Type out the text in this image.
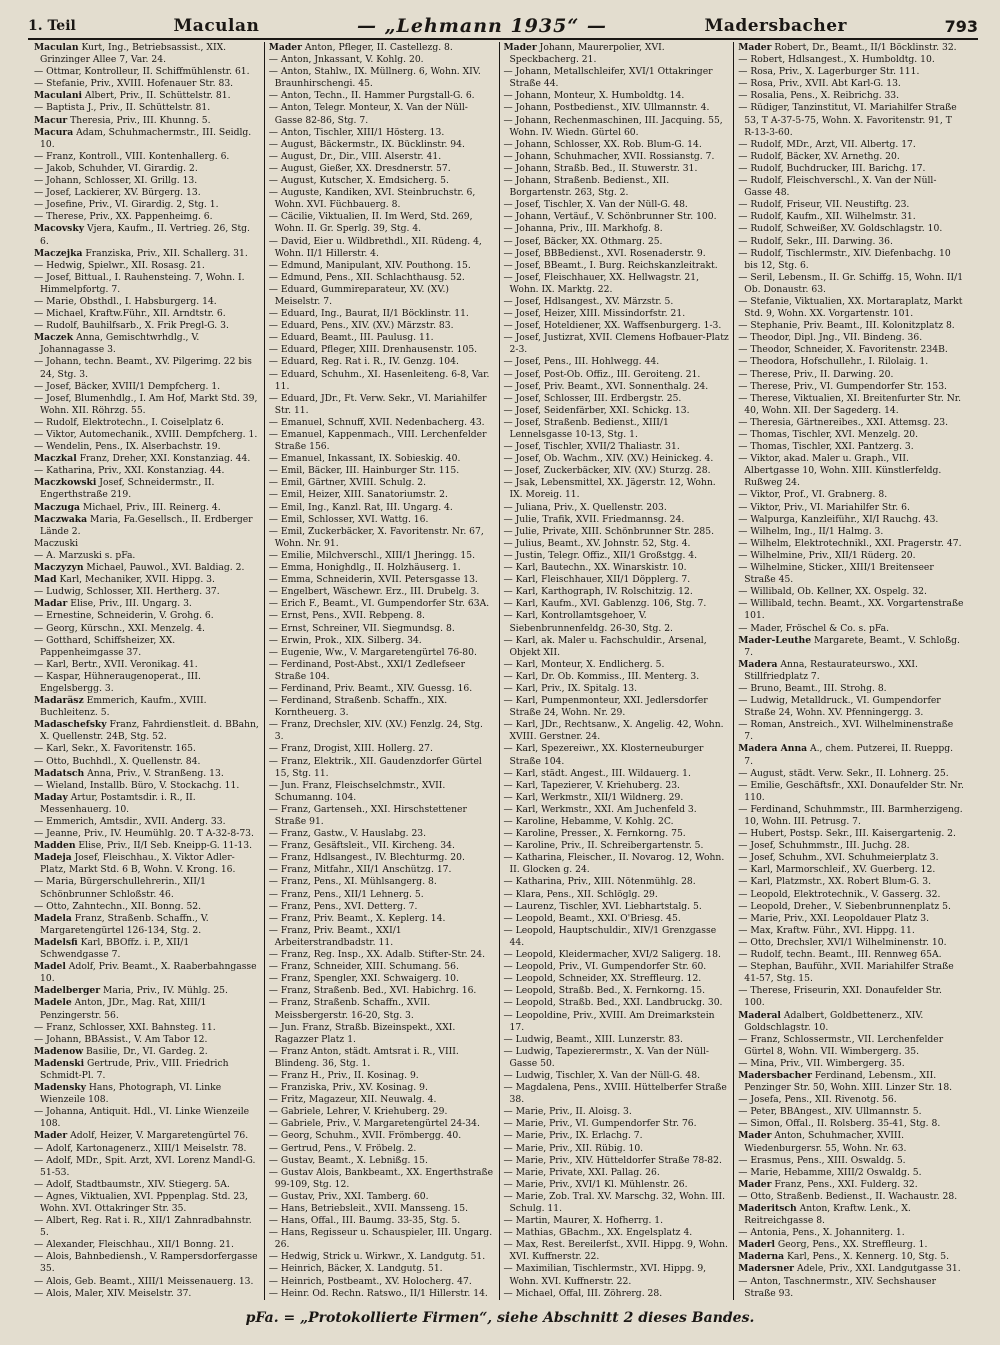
1. Teil	Maculan	— „Lehmann 1935“ —	Madersbacher	793

Maculan Kurt, Ing., Betriebsassist., XIX. Grinzinger Allee 7, Var. 24.

— Ottmar, Kontrolleur, II. Schiffmühlenstr. 61.

— Stefanie, Priv., XVIII. Hofenauer Str. 83.

Maculani Albert, Priv., II. Schüttelstr. 81.

— Baptista J., Priv., II. Schüttelstr. 81.

Macur Theresia, Priv., III. Khunng. 5.

Macura Adam, Schuhmachermstr., III. Seidlg. 10.

— Franz, Kontroll., VIII. Kontenhallerg. 6.

— Jakob, Schuhder, VI. Girardig. 2.

— Johann, Schlosser, XI. Grillg. 13.

— Josef, Lackierer, XV. Bürgerg. 13.

— Josefine, Priv., VI. Girardig. 2, Stg. 1.

— Therese, Priv., XX. Pappenheimg. 6.

Macovsky Vjera, Kaufm., II. Vertrieg. 26, Stg. 6.

Maczejka Franziska, Priv., XII. Schallerg. 31.

— Hedwig, Spielwr., XII. Rosasg. 21.

— Josef, Bittual., I. Rauhensteing. 7, Wohn. I. Himmelpfortg. 7.

— Marie, Obsthdl., I. Habsburgerg. 14.

— Michael, Kraftw.Führ., XII. Arndtstr. 6.

— Rudolf, Bauhilfsarb., X. Frik Pregl-G. 3.

Maczek Anna, Gemischtwrhdlg., V. Johannagasse 3.

— Johann, techn. Beamt., XV. Pilgerimg. 22 bis 24, Stg. 3.

— Josef, Bäcker, XVIII/1 Dempfcherg. 1.

— Josef, Blumenhdlg., I. Am Hof, Markt Std. 39, Wohn. XII. Röhrzg. 55.

— Rudolf, Elektrotechn., I. Coiselplatz 6.

— Viktor, Automechanik., XVIII. Dempfcherg. 1.

— Wendelin, Pens., IX. Alserbachstr. 19.

Maczkal Franz, Dreher, XXI. Konstanziag. 44.

— Katharina, Priv., XXI. Konstanziag. 44.

Maczkowski Josef, Schneidermstr., II. Engerthstraße 219.

Maczuga Michael, Priv., III. Reinerg. 4.

Maczwaka Maria, Fa.Gesellsch., II. Erdberger Lände 2.

Maczuski

— A. Marzuski s. pFa.

Maczyzyn Michael, Pauwol., XVI. Baldiag. 2.

Mad Karl, Mechaniker, XVII. Hippg. 3.

— Ludwig, Schlosser, XII. Hertherg. 37.

Madar Elise, Priv., III. Ungarg. 3.

— Ernestine, Schneiderin, V. Grohg. 6.

— Georg, Kürschn., XXI. Menzelg. 4.

— Gotthard, Schiffsheizer, XX. Pappenheimgasse 37.

— Karl, Bertr., XVII. Veronikag. 41.

— Kaspar, Hühneraugenoperat., III. Engelsbergg. 3.

Madaräsz Emmerich, Kaufm., XVIII. Buchleitenz. 5.

Madaschefsky Franz, Fahrdienstleit. d. BBahn, X. Quellenstr. 24B, Stg. 52.

— Karl, Sekr., X. Favoritenstr. 165.

— Otto, Buchhdl., X. Quellenstr. 84.

Madatsch Anna, Priv., V. Stranßeng. 13.

— Wieland, Installb. Büro, V. Stockachg. 11.

Maday Artur, Postamtsdir. i. R., II. Messenhauerg. 10.

— Emmerich, Amtsdir., XVII. Anderg. 33.

— Jeanne, Priv., IV. Heumühlg. 20. T A-32-8-73.

Madden Elise, Priv., II/I Seb. Kneipp-G. 11-13.

Madeja Josef, Fleischhau., X. Viktor Adler-Platz, Markt Std. 6 B, Wohn. V. Krong. 16.

— Maria, Bürgerschullehrerin., XII/1 Schönbrunner Schloßstr. 46.

— Otto, Zahntechn., XII. Bonng. 52.

Madela Franz, Straßenb. Schaffn., V. Margaretengürtel 126-134, Stg. 2.

Madelsfi Karl, BBOffz. i. P., XII/1 Schwendgasse 7.

Madel Adolf, Priv. Beamt., X. Raaberbahngasse 10.

Madelberger Maria, Priv., IV. Mühlg. 25.

Madele Anton, JDr., Mag. Rat, XIII/1 Penzingerstr. 56.

— Franz, Schlosser, XXI. Bahnsteg. 11.

— Johann, BBAssist., V. Am Tabor 12.

Madenow Basilie, Dr., VI. Gardeg. 2.

Madenski Gertrude, Priv., VIII. Friedrich Schmidt-Pl. 7.

Madensky Hans, Photograph, VI. Linke Wienzeile 108.

— Johanna, Antiquit. Hdl., VI. Linke Wienzeile 108.

Mader Adolf, Heizer, V. Margaretengürtel 76.

— Adolf, Kartonagenerz., XIII/1 Meiselstr. 78.

— Adolf, MDr., Spit. Arzt, XVI. Lorenz Mandl-G. 51-53.

— Adolf, Stadtbaumstr., XIV. Stiegerg. 5A.

— Agnes, Viktualien, XVI. Pppenplag. Std. 23, Wohn. XVI. Ottakringer Str. 35.

— Albert, Reg. Rat i. R., XII/1 Zahnradbahnstr. 5.

— Alexander, Fleischhau., XII/1 Bonng. 21.

— Alois, Bahnbediensh., V. Rampersdorfergasse 35.

— Alois, Geb. Beamt., XIII/1 Meissenauerg. 13.

— Alois, Maler, XIV. Meiselstr. 37.

Mader Anton, Pfleger, II. Castellezg. 8.

— Anton, Jnkassant, V. Kohlg. 20.

— Anton, Stahlw., IX. Müllnerg. 6, Wohn. XIV. Braunhirschengi. 45.

— Anton, Techn., II. Hammer Purgstall-G. 6.

— Anton, Telegr. Monteur, X. Van der Nüll-Gasse 82-86, Stg. 7.

— Anton, Tischler, XIII/1 Hösterg. 13.

— August, Bäckermstr., IX. Bücklinstr. 94.

— August, Dr., Dir., VIII. Alserstr. 41.

— August, Gießer, XX. Dresdnerstr. 57.

— August, Kutscher, X. Emdsicherg. 5.

— Auguste, Kandiken, XVI. Steinbruchstr. 6, Wohn. XVI. Füchbauerg. 8.

— Cäcilie, Viktualien, II. Im Werd, Std. 269, Wohn. II. Gr. Sperlg. 39, Stg. 4.

— David, Eier u. Wildbrethdl., XII. Rüdeng. 4, Wohn. II/1 Hillerstr. 4.

— Edmund, Manipulant, XIV. Pouthong. 15.

— Edmund, Pens., XII. Schlachthausg. 52.

— Eduard, Gummireparateur, XV. (XV.) Meiselstr. 7.

— Eduard, Ing., Baurat, II/1 Böcklinstr. 11.

— Eduard, Pens., XIV. (XV.) Märzstr. 83.

— Eduard, Beamt., III. Paulusg. 11.

— Eduard, Pfleger, XIII. Drenhausenstr. 105.

— Eduard, Reg. Rat i. R., IV. Genzg. 104.

— Eduard, Schuhm., XI. Hasenleiteng. 6-8, Var. 11.

— Eduard, JDr., Ft. Verw. Sekr., VI. Mariahilfer Str. 11.

— Emanuel, Schnuff, XVII. Nedenbacherg. 43.

— Emanuel, Kappenmach., VIII. Lerchenfelder Straße 156.

— Emanuel, Inkassant, IX. Sobieskig. 40.

— Emil, Bäcker, III. Hainburger Str. 115.

— Emil, Gärtner, XVIII. Schulg. 2.

— Emil, Heizer, XIII. Sanatoriumstr. 2.

— Emil, Ing., Kanzl. Rat, III. Ungarg. 4.

— Emil, Schlosser, XVI. Wattg. 16.

— Emil, Zuckerbäcker, X. Favoritenstr. Nr. 67, Wohn. Nr. 91.

— Emilie, Milchverschl., XIII/1 Jheringg. 15.

— Emma, Honighdlg., II. Holzhäuserg. 1.

— Emma, Schneiderin, XVII. Petersgasse 13.

— Engelbert, Wäschewr. Erz., III. Drubelg. 3.

— Erich F., Beamt., VI. Gumpendorfer Str. 63A.

— Ernst, Pens., XVII. Rebpeng. 8.

— Ernst, Schreiner, VII. Siegmundsg. 8.

— Erwin, Prok., XIX. Silberg. 34.

— Eugenie, Ww., V. Margaretengürtel 76-80.

— Ferdinand, Post-Abst., XXI/1 Zedlefseer Straße 104.

— Ferdinand, Priv. Beamt., XIV. Guessg. 16.

— Ferdinand, Straßenb. Schaffn., XIX. Korntheuerg. 3.

— Franz, Drechsler, XIV. (XV.) Fenzlg. 24, Stg. 3.

— Franz, Drogist, XIII. Hollerg. 27.

— Franz, Elektrik., XII. Gaudenzdorfer Gürtel 15, Stg. 11.

— Jun. Franz, Fleischselchmstr., XVII. Schumanng. 104.

— Franz, Gartenseh., XXI. Hirschstettener Straße 91.

— Franz, Gastw., V. Hauslabg. 23.

— Franz, Gesäftsleit., VII. Kircheng. 34.

— Franz, Hdlsangest., IV. Blechturmg. 20.

— Franz, Mitfahr., XII/1 Anschützg. 17.

— Franz, Pens., XI. Mühlsangerg. 8.

— Franz, Pens., XII/1 Lehnerg. 5.

— Franz, Pens., XVI. Detterg. 7.

— Franz, Priv. Beamt., X. Keplerg. 14.

— Franz, Priv. Beamt., XXI/1 Arbeiterstrandbadstr. 11.

— Franz, Reg. Insp., XX. Adalb. Stifter-Str. 24.

— Franz, Schneider, XIII. Schumang. 56.

— Franz, Spengler, XXI. Schwaigerg. 10.

— Franz, Straßenb. Bed., XVI. Habichrg. 16.

— Franz, Straßenb. Schaffn., XVII. Meissbergerstr. 16-20, Stg. 3.

— Jun. Franz, Straßb. Bizeinspekt., XXI. Ragazzer Platz 1.

— Franz Anton, städt. Amtsrat i. R., VIII. Blindeng. 36, Stg. 1.

— Franz H., Priv., II. Kosinag. 9.

— Franziska, Priv., XV. Kosinag. 9.

— Fritz, Magazeur, XII. Neuwalg. 4.

— Gabriele, Lehrer, V. Kriehuberg. 29.

— Gabriele, Priv., V. Margaretengürtel 24-34.

— Georg, Schuhm., XVII. Frömbergg. 40.

— Gertrud, Pens., V. Fröbelg. 2.

— Gustav, Beamt., X. Lebnißg. 15.

— Gustav Alois, Bankbeamt., XX. Engerthstraße 99-109, Stg. 12.

— Gustav, Priv., XXI. Tamberg. 60.

— Hans, Betriebsleit., XVII. Mansseng. 15.

— Hans, Offal., III. Baumg. 33-35, Stg. 5.

— Hans, Regisseur u. Schauspieler, III. Ungarg. 26.

— Hedwig, Strick u. Wirkwr., X. Landgutg. 51.

— Heinrich, Bäcker, X. Landgutg. 51.

— Heinrich, Postbeamt., XV. Holocherg. 47.

— Heinr. Od. Rechn. Ratswo., II/1 Hillerstr. 14.

Mader Johann, Maurerpolier, XVI. Speckbacherg. 21.

— Johann, Metallschleifer, XVI/1 Ottakringer Straße 44.

— Johann, Monteur, X. Humboldtg. 14.

— Johann, Postbedienst., XIV. Ullmannstr. 4.

— Johann, Rechenmaschinen, III. Jacquing. 55, Wohn. IV. Wiedn. Gürtel 60.

— Johann, Schlosser, XX. Rob. Blum-G. 14.

— Johann, Schuhmacher, XVII. Rossianstg. 7.

— Johann, Straßb. Bed., II. Stuwerstr. 31.

— Johann, Straßenb. Bedienst., XII. Borgartenstr. 263, Stg. 2.

— Josef, Tischler, X. Van der Nüll-G. 48.

— Johann, Vertäuf., V. Schönbrunner Str. 100.

— Johanna, Priv., III. Markhofg. 8.

— Josef, Bäcker, XX. Othmarg. 25.

— Josef, BBBedienst., XVI. Rosenaderstr. 9.

— Josef, BBeamt., I. Burg. Reichskanzleitrakt.

— Josef, Fleischhauer, XX. Hellwagstr. 21, Wohn. IX. Marktg. 22.

— Josef, Hdlsangest., XV. Märzstr. 5.

— Josef, Heizer, XIII. Missindorfstr. 21.

— Josef, Hoteldiener, XX. Waffsenburgerg. 1-3.

— Josef, Justizrat, XVII. Clemens Hofbauer-Platz 2-3.

— Josef, Pens., III. Hohlwegg. 44.

— Josef, Post-Ob. Offiz., III. Geroiteng. 21.

— Josef, Priv. Beamt., XVI. Sonnenthalg. 24.

— Josef, Schlosser, III. Erdbergstr. 25.

— Josef, Seidenfärber, XXI. Schickg. 13.

— Josef, Straßenb. Bedienst., XIII/1 Lennelsgasse 10-13, Stg. 1.

— Josef, Tischler, XVII/2 Thaliastr. 31.

— Josef, Ob. Wachm., XIV. (XV.) Heinickeg. 4.

— Josef, Zuckerbäcker, XIV. (XV.) Sturzg. 28.

— Jsak, Lebensmittel, XX. Jägerstr. 12, Wohn. IX. Moreig. 11.

— Juliana, Priv., X. Quellenstr. 203.

— Julie, Trafik, XVII. Friedmannsg. 24.

— Julie, Private, XIII. Schönbrunner Str. 285.

— Julius, Beamt., XV. Johnstr. 52, Stg. 4.

— Justin, Telegr. Offiz., XII/1 Großstgg. 4.

— Karl, Bautechn., XX. Winarskistr. 10.

— Karl, Fleischhauer, XII/1 Döpplerg. 7.

— Karl, Karthograph, IV. Rolschitzig. 12.

— Karl, Kaufm., XVI. Gablenzg. 106, Stg. 7.

— Karl, Kontrollamtsgehoer, V. Siebenbrunnenfeldg. 26-30, Stg. 2.

— Karl, ak. Maler u. Fachschuldir., Arsenal, Objekt XII.

— Karl, Monteur, X. Endlicherg. 5.

— Karl, Dr. Ob. Kommiss., III. Menterg. 3.

— Karl, Priv., IX. Spitalg. 13.

— Karl, Pumpenmonteur, XXI. Jedlersdorfer Straße 24, Wohn. Nr. 29.

— Karl, JDr., Rechtsanw., X. Angelig. 42, Wohn. XVIII. Gerstner. 24.

— Karl, Spezereiwr., XX. Klosterneuburger Straße 104.

— Karl, städt. Angest., III. Wildauerg. 1.

— Karl, Tapezierer, V. Kriehuberg. 23.

— Karl, Werkmstr., XII/1 Wildnerg. 29.

— Karl, Werkmstr., XXI. Am Juchenfeld 3.

— Karoline, Hebamme, V. Kohlg. 2C.

— Karoline, Presser., X. Fernkorng. 75.

— Karoline, Priv., II. Schreibergartenstr. 5.

— Katharina, Fleischer., II. Novarog. 12, Wohn. II. Glocken g. 24.

— Katharina, Priv., XIII. Nötenmühlg. 28.

— Klara, Pens., XII. Schlöglg. 29.

— Laurenz, Tischler, XVI. Liebhartstalg. 5.

— Leopold, Beamt., XXI. O'Briesg. 45.

— Leopold, Hauptschuldir., XIV/1 Grenzgasse 44.

— Leopold, Kleidermacher, XVI/2 Saligerg. 18.

— Leopold, Priv., VI. Gumpendorfer Str. 60.

— Leopold, Schneider, XX. Streffleurg. 12.

— Leopold, Straßb. Bed., X. Fernkorng. 15.

— Leopold, Straßb. Bed., XXI. Landbruckg. 30.

— Leopoldine, Priv., XVIII. Am Dreimarkstein 17.

— Ludwig, Beamt., XIII. Lunzerstr. 83.

— Ludwig, Tapezierermstr., X. Van der Nüll-Gasse 50.

— Ludwig, Tischler, X. Van der Nüll-G. 48.

— Magdalena, Pens., XVIII. Hüttelberfer Straße 38.

— Marie, Priv., II. Aloisg. 3.

— Marie, Priv., VI. Gumpendorfer Str. 76.

— Marie, Priv., IX. Erlachg. 7.

— Marie, Priv., XII. Rübig. 10.

— Marie, Priv., XIV. Hütteldorfer Straße 78-82.

— Marie, Private, XXI. Pallag. 26.

— Marie, Priv., XVI/1 Kl. Mühlenstr. 26.

— Marie, Zob. Tral. XV. Marschg. 32, Wohn. III. Schulg. 11.

— Martin, Maurer, X. Hofherrg. 1.

— Mathias, GBachm., XX. Engelsplatz 4.

— Max, Rest. Bereilerfst., XVII. Hippg. 9, Wohn. XVI. Kuffnerstr. 22.

— Maximilian, Tischlermstr., XVI. Hippg. 9, Wohn. XVI. Kuffnerstr. 22.

— Michael, Offal, III. Zöhrerg. 28.

Mader Robert, Dr., Beamt., II/1 Böcklinstr. 32.

— Robert, Hdlsangest., X. Humboldtg. 10.

— Rosa, Priv., X. Lagerburger Str. 111.

— Rosa, Priv., XVII. Abt Karl-G. 13.

— Rosalia, Pens., X. Reibrichg. 33.

— Rüdiger, Tanzinstitut, VI. Mariahilfer Straße 53, T A-37-5-75, Wohn. X. Favoritenstr. 91, T R-13-3-60.

— Rudolf, MDr., Arzt, VII. Albertg. 17.

— Rudolf, Bäcker, XV. Arnethg. 20.

— Rudolf, Buchdrucker, III. Barichg. 17.

— Rudolf, Fleischverschl., X. Van der Nüll-Gasse 48.

— Rudolf, Friseur, VII. Neustiftg. 23.

— Rudolf, Kaufm., XII. Wilhelmstr. 31.

— Rudolf, Schweißer, XV. Goldschlagstr. 10.

— Rudolf, Sekr., III. Darwing. 36.

— Rudolf, Tischlermstr., XIV. Diefenbachg. 10 bis 12, Stg. 6.

— Seril, Lebensm., II. Gr. Schiffg. 15, Wohn. II/1 Ob. Donaustr. 63.

— Stefanie, Viktualien, XX. Mortaraplatz, Markt Std. 9, Wohn. XX. Vorgartenstr. 101.

— Stephanie, Priv. Beamt., III. Kolonitzplatz 8.

— Theodor, Dipl. Jng., VII. Bindeng. 36.

— Theodor, Schneider, X. Favoritenstr. 234B.

— Theodora, Hofschullehr., I. Rilolaig. 1.

— Therese, Priv., II. Darwing. 20.

— Therese, Priv., VI. Gumpendorfer Str. 153.

— Therese, Viktualien, XI. Breitenfurter Str. Nr. 40, Wohn. XII. Der Sagederg. 14.

— Theresia, Gärtnereibes., XXI. Attemsg. 23.

— Thomas, Tischler, XVI. Menzelg. 20.

— Thomas, Tischler, XXI. Pantzerg. 3.

— Viktor, akad. Maler u. Graph., VII. Albertgasse 10, Wohn. XIII. Künstlerfeldg. Rußweg 24.

— Viktor, Prof., VI. Grabnerg. 8.

— Viktor, Priv., VI. Mariahilfer Str. 6.

— Walpurga, Kanzleiführ., XI/I Rauchg. 43.

— Wilhelm, Ing., II/1 Halmg. 3.

— Wilhelm, Elektrotechnikl., XXI. Pragerstr. 47.

— Wilhelmine, Priv., XII/1 Rüderg. 20.

— Wilhelmine, Sticker., XIII/1 Breitenseer Straße 45.

— Willibald, Ob. Kellner, XX. Ospelg. 32.

— Willibald, techn. Beamt., XX. Vorgartenstraße 101.

— Mader, Fröschel & Co. s. pFa.

Mader-Leuthe Margarete, Beamt., V. Schloßg. 7.

Madera Anna, Restaurateurswo., XXI. Stillfriedplatz 7.

— Bruno, Beamt., III. Strohg. 8.

— Ludwig, Metalldruck., VI. Gumpendorfer Straße 24, Wohn. XV. Pfenningergg. 3.

— Roman, Anstreich., XVI. Wilhelminenstraße 7.

Madera Anna A., chem. Putzerei, II. Rueppg. 7.

— August, städt. Verw. Sekr., II. Lohnerg. 25.

— Emilie, Geschäftsfr., XXI. Donaufelder Str. Nr. 110.

— Ferdinand, Schuhmmstr., III. Barmherzigeng. 10, Wohn. III. Petrusg. 7.

— Hubert, Postsp. Sekr., III. Kaisergartenig. 2.

— Josef, Schuhmmstr., III. Juchg. 28.

— Josef, Schuhm., XVI. Schuhmeierplatz 3.

— Karl, Marmorschleif., XV. Guerberg. 12.

— Karl, Platzmstr., XX. Robert Blum-G. 3.

— Leopold, Elektrotechnik., V. Gasserg. 32.

— Leopold, Dreher., V. Siebenbrunnenplatz 5.

— Marie, Priv., XXI. Leopoldauer Platz 3.

— Max, Kraftw. Führ., XVI. Hippg. 11.

— Otto, Drechsler, XVI/1 Wilhelminenstr. 10.

— Rudolf, techn. Beamt., III. Rennweg 65A.

— Stephan, Bauführ., XVII. Mariahilfer Straße 41-57, Stg. 15.

— Therese, Friseurin, XXI. Donaufelder Str. 100.

Maderal Adalbert, Goldbettenerz., XIV. Goldschlagstr. 10.

— Franz, Schlossermstr., VII. Lerchenfelder Gürtel 8, Wohn. VII. Wimbergerg. 35.

— Mina, Priv., VII. Wimbergerg. 35.

Madersbacher Ferdinand, Lebensm., XII. Penzinger Str. 50, Wohn. XIII. Linzer Str. 18.

— Josefa, Pens., XII. Rivenotg. 56.

— Peter, BBAngest., XIV. Ullmannstr. 5.

— Simon, Offal., II. Rolsberg. 35-41, Stg. 8.

Mader Anton, Schuhmacher, XVIII. Wiedenburgersr. 55, Wohn. Nr. 63.

— Erasmus, Pens., XIII. Oswaldg. 5.

— Marie, Hebamme, XIII/2 Oswaldg. 5.

Mader Franz, Pens., XXI. Fulderg. 32.

— Otto, Straßenb. Bedienst., II. Wachaustr. 28.

Maderitsch Anton, Kraftw. Lenk., X. Reitreichgasse 8.

— Antonia, Pens., X. Johanniterg. 1.

Maderl Georg, Pens., XX. Streffleurg. 1.

Maderna Karl, Pens., X. Kennerg. 10, Stg. 5.

Madersner Adele, Priv., XXI. Landgutgasse 31.

— Anton, Taschnermstr., XIV. Sechshauser Straße 93.

pFa. = „Protokollierte Firmen“, siehe Abschnitt 2 dieses Bandes.
